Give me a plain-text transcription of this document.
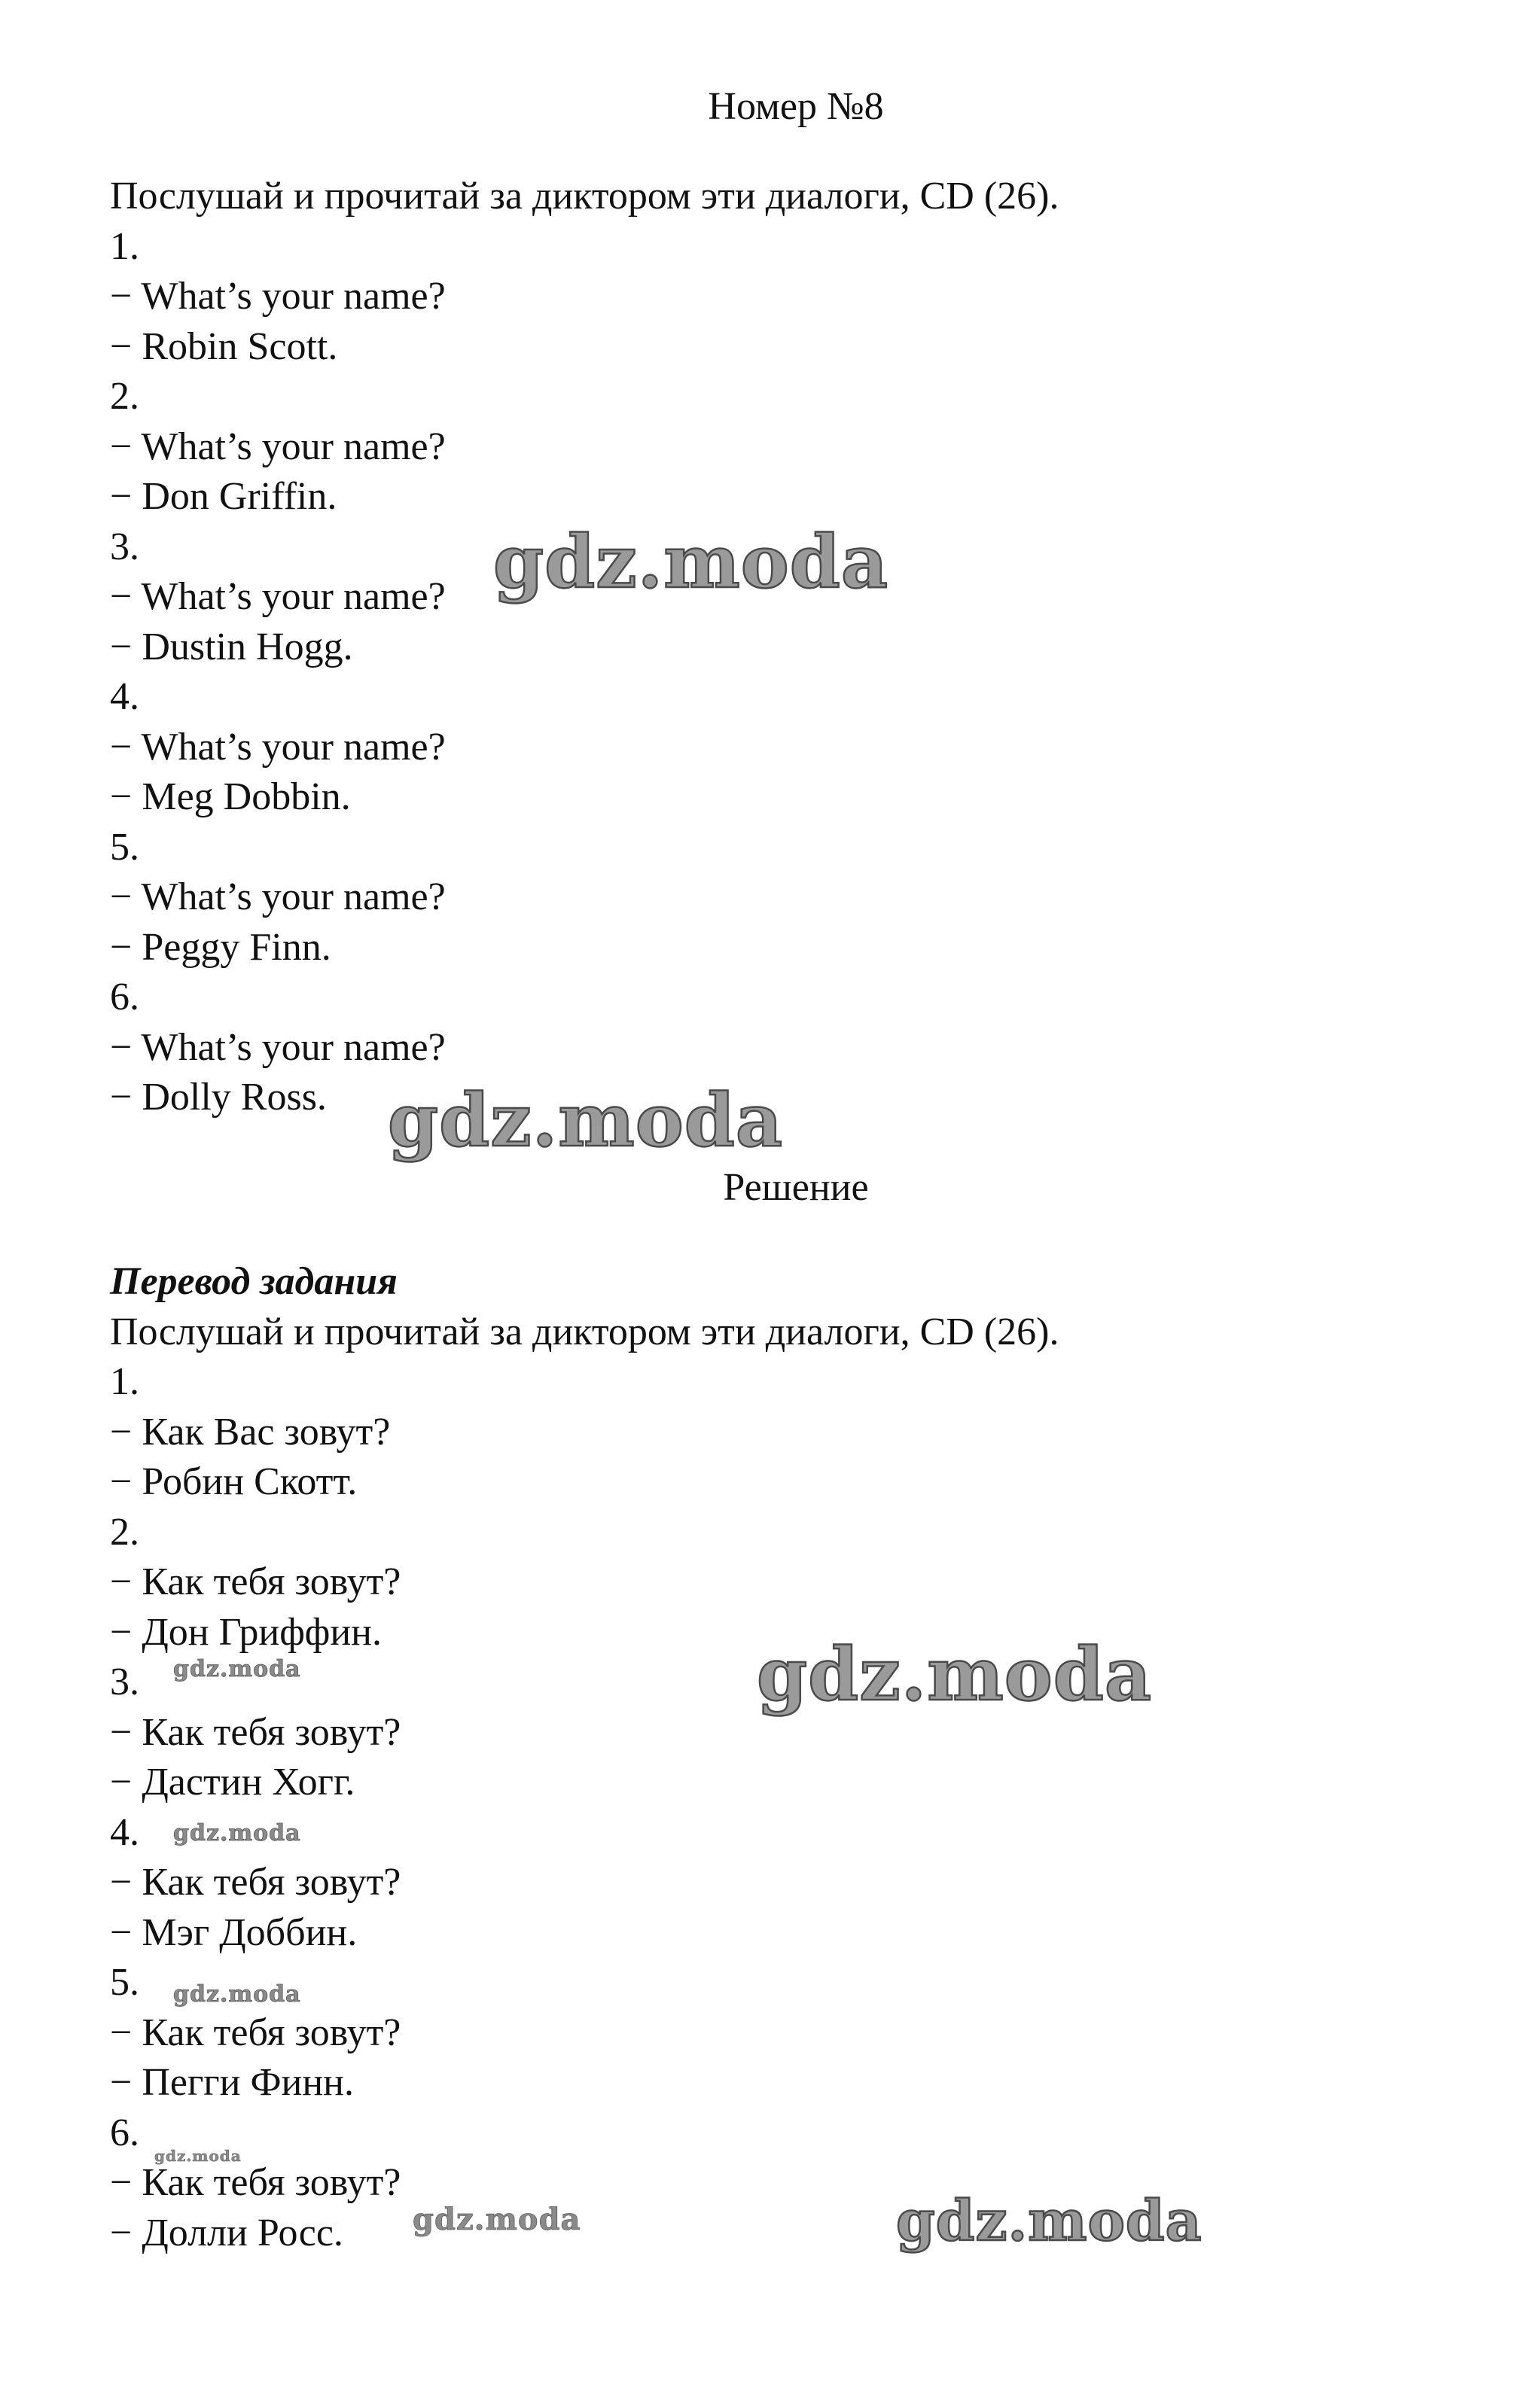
Номер №8
Послушай и прочитай за диктором эти диалоги, CD (26).
1.
− What’s your name?
− Robin Scott.
2.
− What’s your name?
− Don Griffin.
3.
− What’s your name?
− Dustin Hogg.
4.
− What’s your name?
− Meg Dobbin.
5.
− What’s your name?
− Peggy Finn.
6.
− What’s your name?
− Dolly Ross.
Решение
Перевод задания
Послушай и прочитай за диктором эти диалоги, CD (26).
1.
− Как Вас зовут?
− Робин Скотт.
2.
− Как тебя зовут?
− Дон Гриффин.
3.
− Как тебя зовут?
− Дастин Хогг.
4.
− Как тебя зовут?
− Мэг Доббин.
5.
− Как тебя зовут?
− Пегги Финн.
6.
− Как тебя зовут?
− Долли Росс.
gdz.moda
gdz.moda
gdz.moda
gdz.moda
gdz.moda
gdz.moda
gdz.moda
gdz.moda
gdz.moda
